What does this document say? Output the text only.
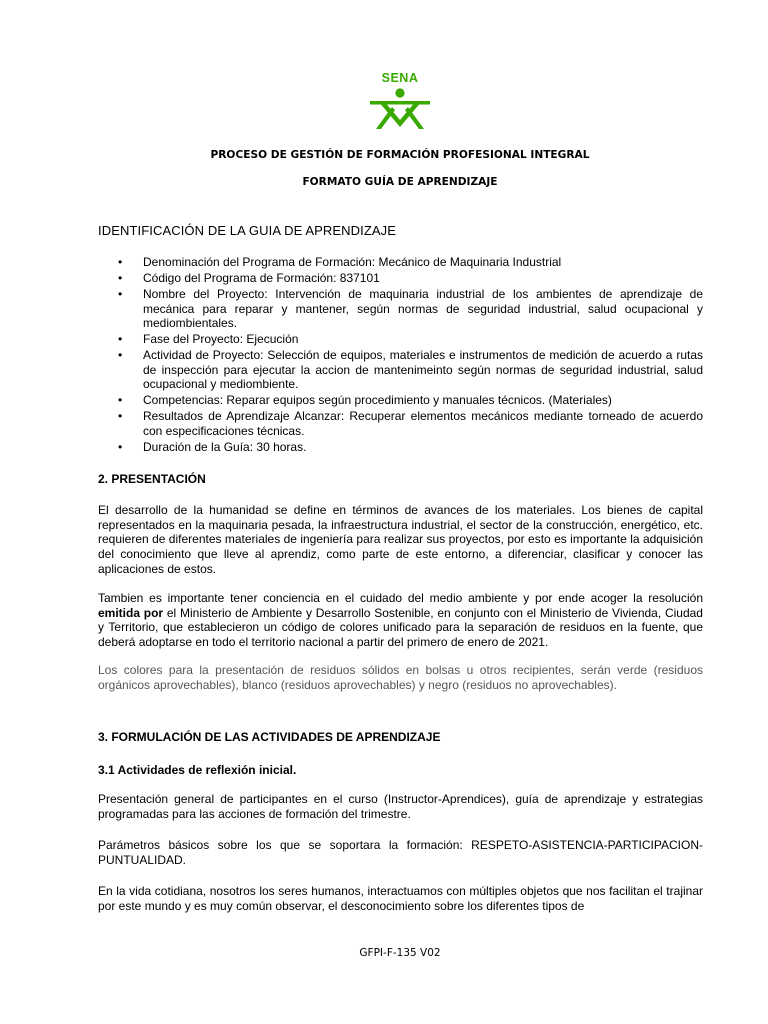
SENA
PROCESO DE GESTIÓN DE FORMACIÓN PROFESIONAL INTEGRAL
FORMATO GUÍA DE APRENDIZAJE
IDENTIFICACIÓN DE LA GUIA DE APRENDIZAJE
• Denominación del Programa de Formación: Mecánico de Maquinaria Industrial
• Código del Programa de Formación: 837101
• Nombre del Proyecto: Intervención de maquinaria industrial de los ambientes de aprendizaje de mecánica para reparar y mantener, según normas de seguridad industrial, salud ocupacional y mediombientales.
• Fase del Proyecto: Ejecución
• Actividad de Proyecto: Selección de equipos, materiales e instrumentos de medición de acuerdo a rutas de inspección para ejecutar la accion de mantenimeinto según normas de seguridad industrial, salud ocupacional y mediombiente.
• Competencias: Reparar equipos según procedimiento y manuales técnicos. (Materiales)
• Resultados de Aprendizaje Alcanzar: Recuperar elementos mecánicos mediante torneado de acuerdo con especificaciones técnicas.
• Duración de la Guía: 30 horas.
2. PRESENTACIÓN
El desarrollo de la humanidad se define en términos de avances de los materiales. Los bienes de capital representados en la maquinaria pesada, la infraestructura industrial, el sector de la construcción, energético, etc. requieren de diferentes materiales de ingeniería para realizar sus proyectos, por esto es importante la adquisición del conocimiento que lleve al aprendiz, como parte de este entorno, a diferenciar, clasificar y conocer las aplicaciones de estos.
Tambien es importante tener conciencia en el cuidado del medio ambiente y por ende acoger la resolución emitida por el Ministerio de Ambiente y Desarrollo Sostenible, en conjunto con el Ministerio de Vivienda, Ciudad y Territorio, que establecieron un código de colores unificado para la separación de residuos en la fuente, que deberá adoptarse en todo el territorio nacional a partir del primero de enero de 2021.
Los colores para la presentación de residuos sólidos en bolsas u otros recipientes, serán verde (residuos orgánicos aprovechables), blanco (residuos aprovechables) y negro (residuos no aprovechables).
3. FORMULACIÓN DE LAS ACTIVIDADES DE APRENDIZAJE
3.1 Actividades de reflexión inicial.
Presentación general de participantes en el curso (Instructor-Aprendices), guía de aprendizaje y estrategias programadas para las acciones de formación del trimestre.
Parámetros básicos sobre los que se soportara la formación: RESPETO-ASISTENCIA-PARTICIPACION-PUNTUALIDAD.
En la vida cotidiana, nosotros los seres humanos, interactuamos con múltiples objetos que nos facilitan el trajinar por este mundo y es muy común observar, el desconocimiento sobre los diferentes tipos de
GFPI-F-135 V02
